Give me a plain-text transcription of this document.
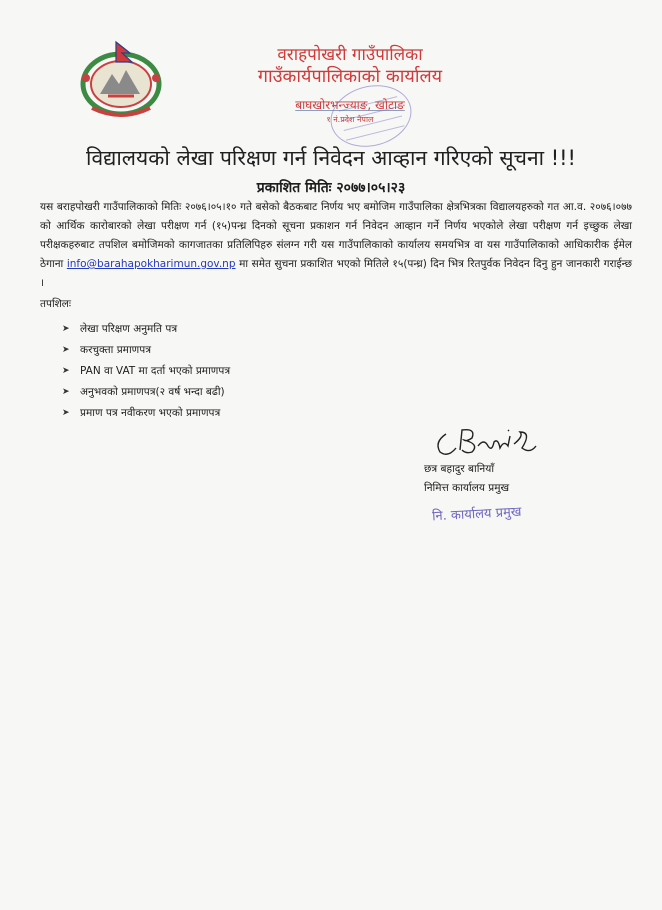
वराहपोखरी गाउँपालिका
गाउँकार्यपालिकाको कार्यालय
बाघखोरभन्ज्याङ, खोटाङ
१ नं.प्रदेश नेपाल
विद्यालयको लेखा परिक्षण गर्न निवेदन आव्हान गरिएको सूचना !!!
प्रकाशित मितिः २०७७।०५।२३
यस बराहपोखरी गाउँपालिकाको मितिः २०७६।०५।१० गते बसेको बैठकबाट निर्णय भए बमोजिम गाउँपालिका क्षेत्रभित्रका विद्यालयहरुको गत आ.व. २०७६।०७७ को आर्थिक कारोबारको लेखा परीक्षण गर्न (१५)पन्ध्र दिनको सूचना प्रकाशन गर्न निवेदन आव्हान गर्ने निर्णय भएकोले लेखा परीक्षण गर्न इच्छुक लेखा परीक्षकहरुबाट तपशिल बमोजिमको कागजातका प्रतिलिपिहरु संलग्न गरी यस गाउँपालिकाको कार्यालय समयभित्र वा यस गाउँपालिकाको आधिकारीक ईमेल ठेगाना info@barahapokharimun.gov.np मा समेत सुचना प्रकाशित भएको मितिले १५(पन्ध्र) दिन भित्र रितपुर्वक निवेदन दिनु हुन जानकारी गराईन्छ ।
तपशिलः
➤ लेखा परिक्षण अनुमति पत्र
➤ करचुक्ता प्रमाणपत्र
➤ PAN वा VAT मा दर्ता भएको प्रमाणपत्र
➤ अनुभवको प्रमाणपत्र(२ वर्ष भन्दा बढी)
➤ प्रमाण पत्र नवीकरण भएको प्रमाणपत्र
छत्र बहादुर बानियाँ
निमित्त कार्यालय प्रमुख
नि. कार्यालय प्रमुख
